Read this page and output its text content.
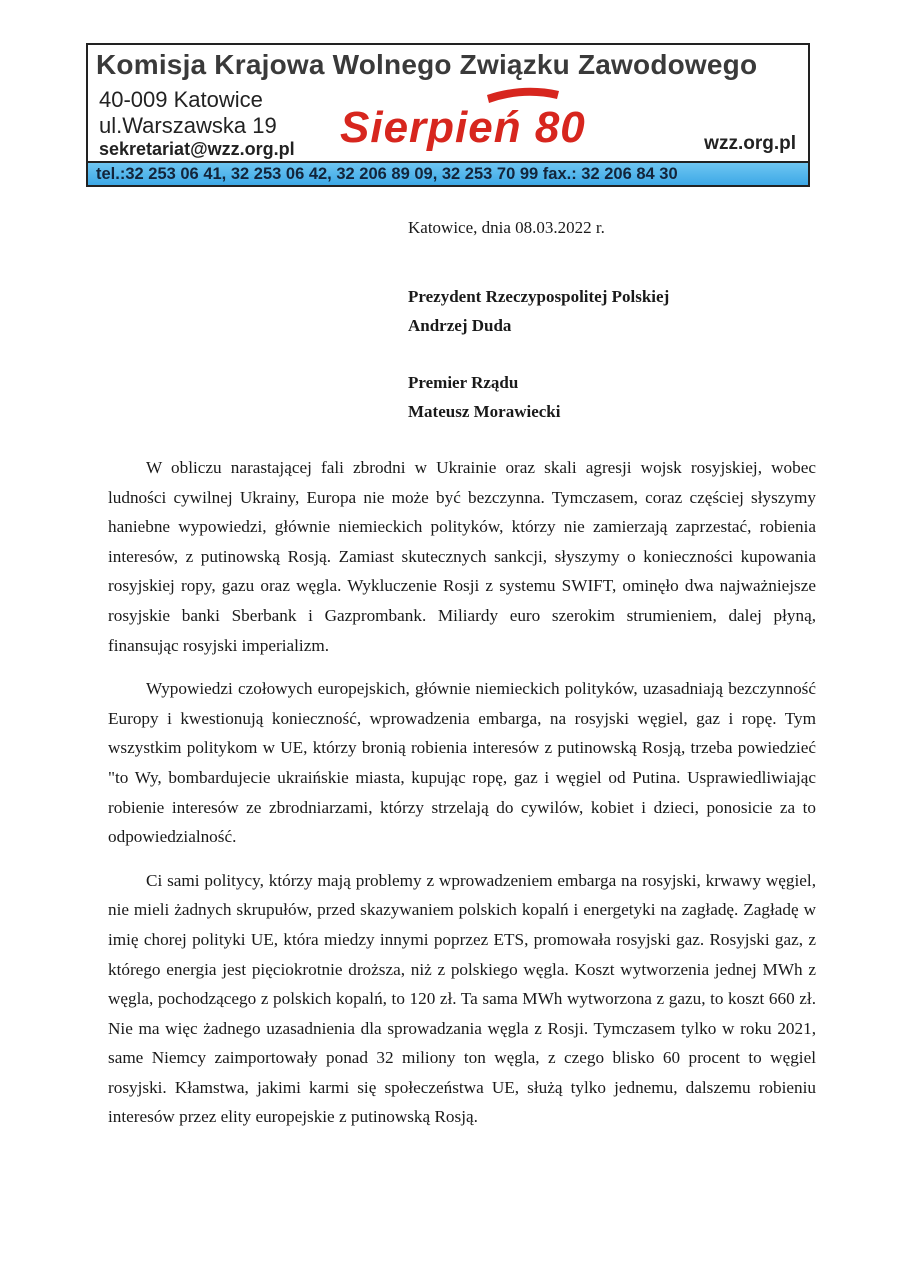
Komisja Krajowa Wolnego Związku Zawodowego
40-009 Katowice
ul.Warszawska 19
sekretariat@wzz.org.pl Sierpień 80	wzz.org.pl
tel.:32 253 06 41, 32 253 06 42, 32 206 89 09, 32 253 70 99 fax.: 32 206 84 30
Katowice, dnia 08.03.2022 r.
Prezydent Rzeczypospolitej Polskiej
Andrzej Duda
Premier Rządu
Mateusz Morawiecki

W obliczu narastającej fali zbrodni w Ukrainie oraz skali agresji wojsk rosyjskiej, wobec ludności cywilnej Ukrainy, Europa nie może być bezczynna. Tymczasem, coraz częściej słyszymy haniebne wypowiedzi, głównie niemieckich polityków, którzy nie zamierzają zaprzestać, robienia interesów, z putinowską Rosją. Zamiast skutecznych sankcji, słyszymy o konieczności kupowania rosyjskiej ropy, gazu oraz węgla. Wykluczenie Rosji z systemu SWIFT, ominęło dwa najważniejsze rosyjskie banki Sberbank i Gazprombank. Miliardy euro szerokim strumieniem, dalej płyną, finansując rosyjski imperializm.

Wypowiedzi czołowych europejskich, głównie niemieckich polityków, uzasadniają bezczynność Europy i kwestionują konieczność, wprowadzenia embarga, na rosyjski węgiel, gaz i ropę. Tym wszystkim politykom w UE, którzy bronią robienia interesów z putinowską Rosją, trzeba powiedzieć "to Wy, bombardujecie ukraińskie miasta, kupując ropę, gaz i węgiel od Putina. Usprawiedliwiając robienie interesów ze zbrodniarzami, którzy strzelają do cywilów, kobiet i dzieci, ponosicie za to odpowiedzialność.

Ci sami politycy, którzy mają problemy z wprowadzeniem embarga na rosyjski, krwawy węgiel, nie mieli żadnych skrupułów, przed skazywaniem polskich kopalń i energetyki na zagładę. Zagładę w imię chorej polityki UE, która miedzy innymi poprzez ETS, promowała rosyjski gaz. Rosyjski gaz, z którego energia jest pięciokrotnie droższa, niż z polskiego węgla. Koszt wytworzenia jednej MWh z węgla, pochodzącego z polskich kopalń, to 120 zł. Ta sama MWh wytworzona z gazu, to koszt 660 zł. Nie ma więc żadnego uzasadnienia dla sprowadzania węgla z Rosji. Tymczasem tylko w roku 2021, same Niemcy zaimportowały ponad 32 miliony ton węgla, z czego blisko 60 procent to węgiel rosyjski. Kłamstwa, jakimi karmi się społeczeństwa UE, służą tylko jednemu, dalszemu robieniu interesów przez elity europejskie z putinowską Rosją.
